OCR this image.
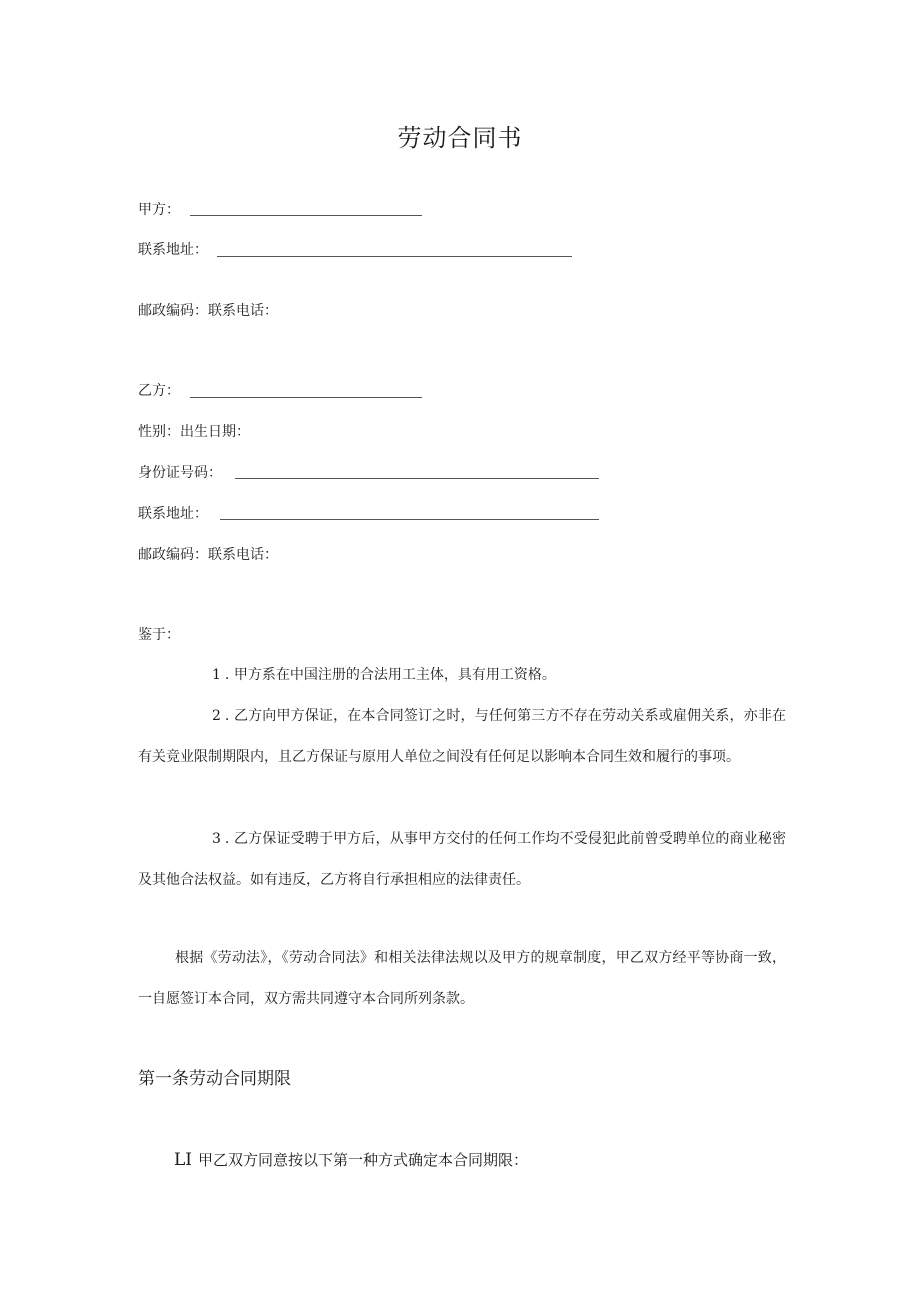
劳动合同书
甲方：
联系地址：
邮政编码：联系电话：
乙方：
性别：出生日期：
身份证号码：
联系地址：
邮政编码：联系电话：
鉴于：
1 . 甲方系在中国注册的合法用工主体，具有用工资格。
2 . 乙方向甲方保证，在本合同签订之时，与任何第三方不存在劳动关系或雇佣关系，亦非在有关竞业限制期限内，且乙方保证与原用人单位之间没有任何足以影响本合同生效和履行的事项。
3 . 乙方保证受聘于甲方后，从事甲方交付的任何工作均不受侵犯此前曾受聘单位的商业秘密及其他合法权益。如有违反，乙方将自行承担相应的法律责任。
根据《劳动法》，《劳动合同法》和相关法律法规以及甲方的规章制度，甲乙双方经平等协商一致，一自愿签订本合同，双方需共同遵守本合同所列条款。
第一条劳动合同期限
LI 甲乙双方同意按以下第一种方式确定本合同期限：
